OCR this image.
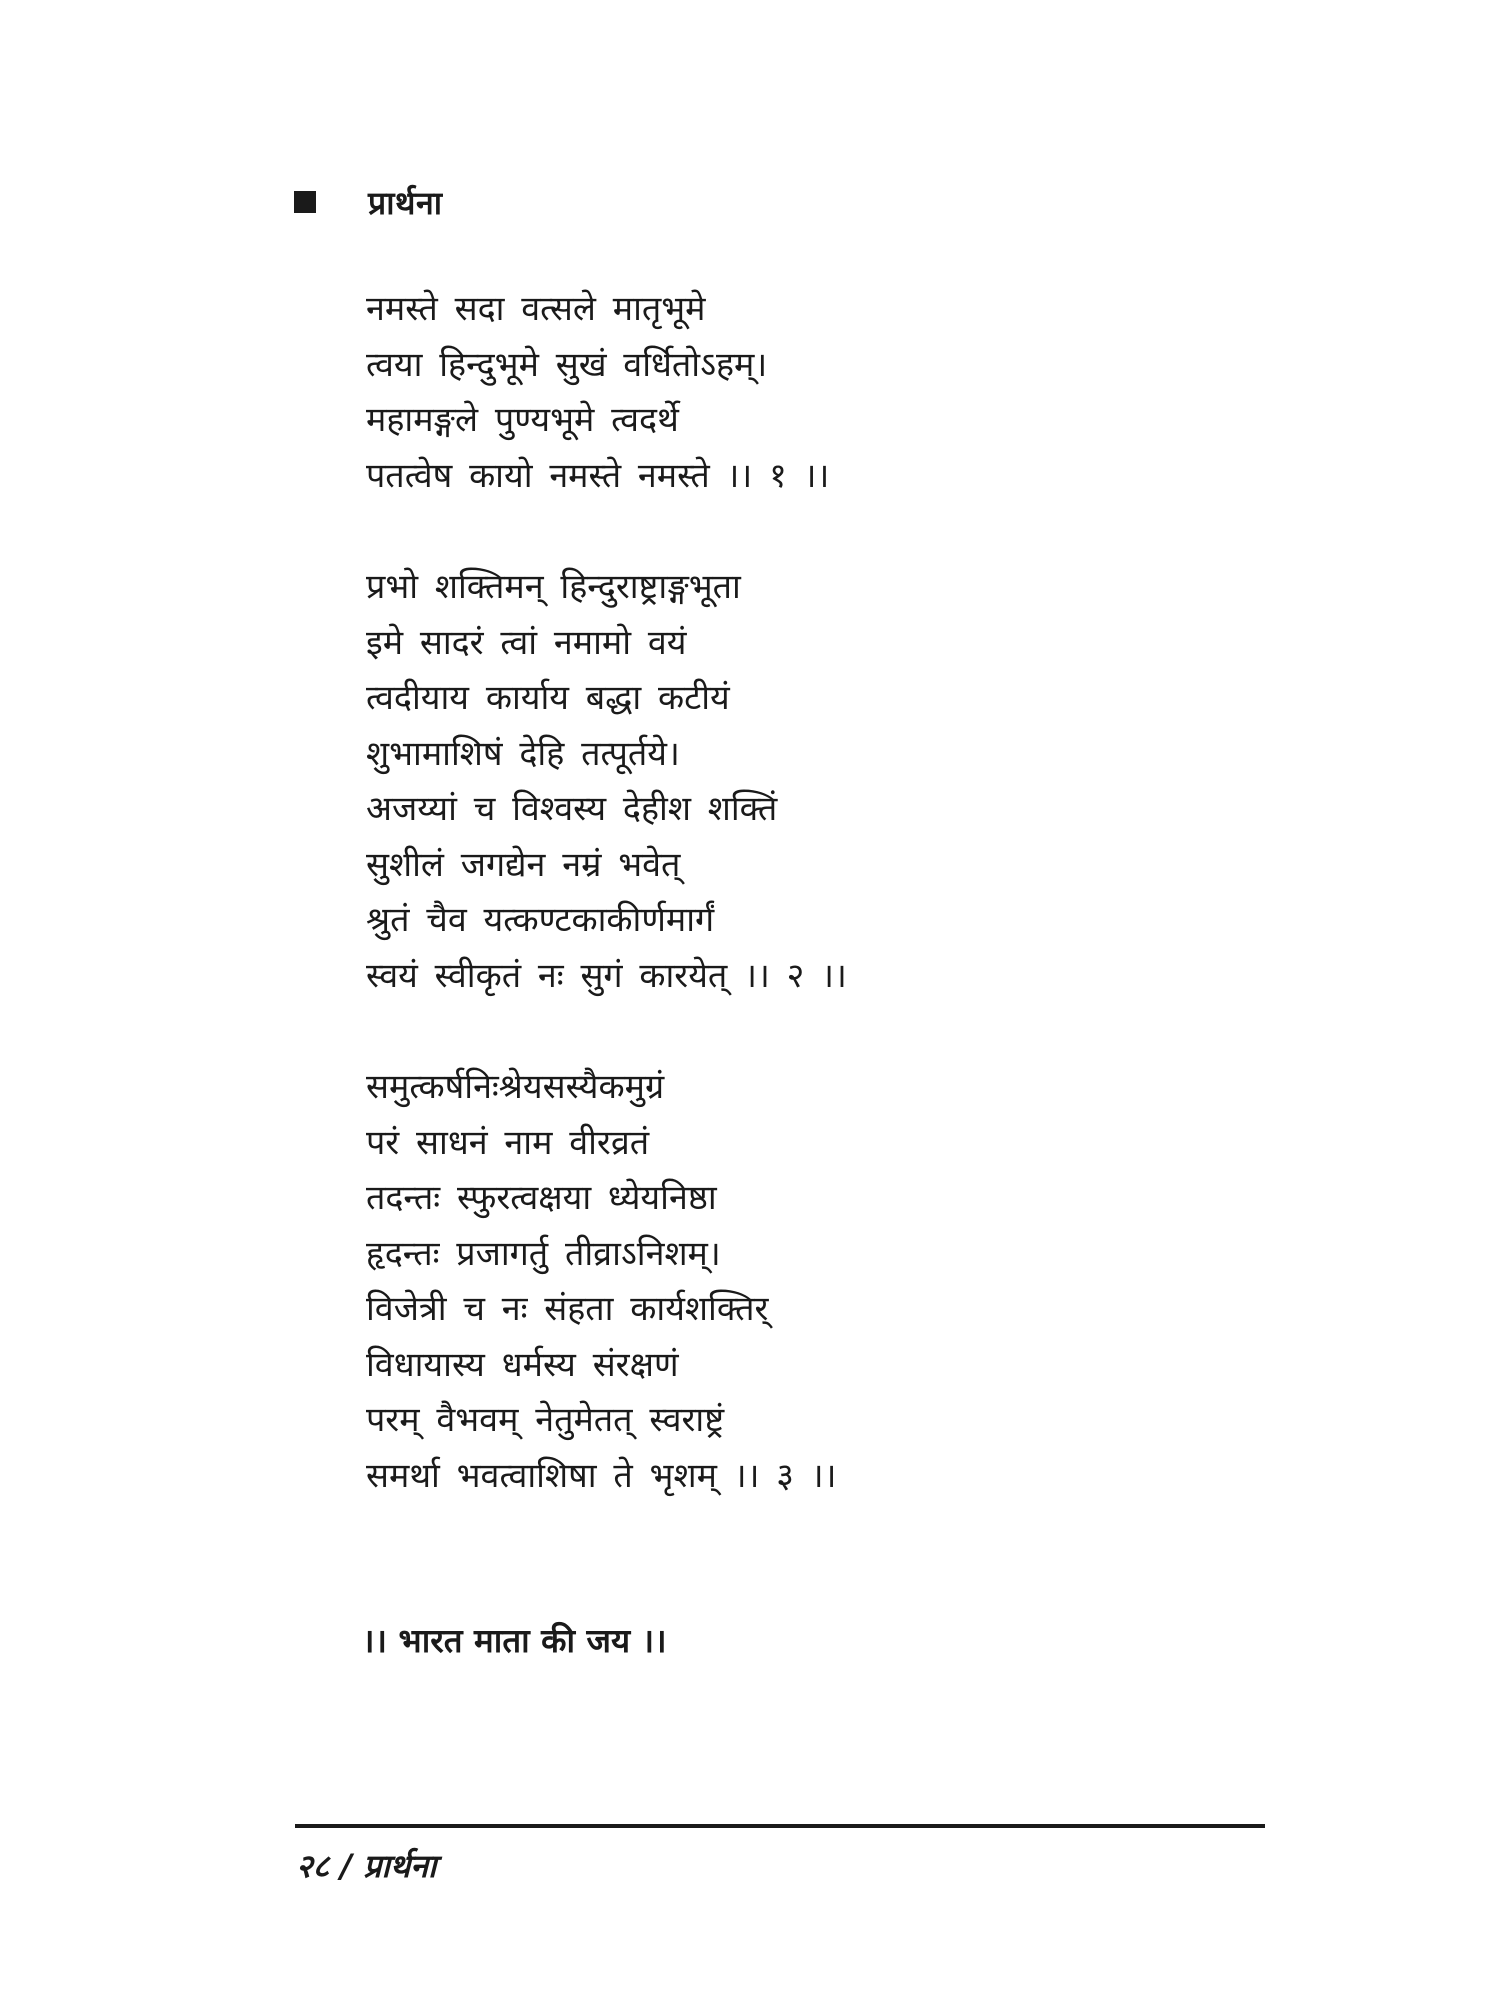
प्रार्थना
नमस्ते सदा वत्सले मातृभूमे
त्वया हिन्दुभूमे सुखं वर्धितोऽहम्।
महामङ्गले पुण्यभूमे त्वदर्थे
पतत्वेष कायो नमस्ते नमस्ते ।। १ ।।
प्रभो शक्तिमन् हिन्दुराष्ट्राङ्गभूता
इमे सादरं त्वां नमामो वयं
त्वदीयाय कार्याय बद्धा कटीयं
शुभामाशिषं देहि तत्पूर्तये।
अजय्यां च विश्वस्य देहीश शक्तिं
सुशीलं जगद्येन नम्रं भवेत्
श्रुतं चैव यत्कण्टकाकीर्णमार्गं
स्वयं स्वीकृतं नः सुगं कारयेत् ।। २ ।।
समुत्कर्षनिःश्रेयसस्यैकमुग्रं
परं साधनं नाम वीरव्रतं
तदन्तः स्फुरत्वक्षया ध्येयनिष्ठा
हृदन्तः प्रजागर्तु तीव्राऽनिशम्।
विजेत्री च नः संहता कार्यशक्तिर्
विधायास्य धर्मस्य संरक्षणं
परम् वैभवम् नेतुमेतत् स्वराष्ट्रं
समर्था भवत्वाशिषा ते भृशम् ।। ३ ।।
।। भारत माता की जय ।।
२८ / प्रार्थना
